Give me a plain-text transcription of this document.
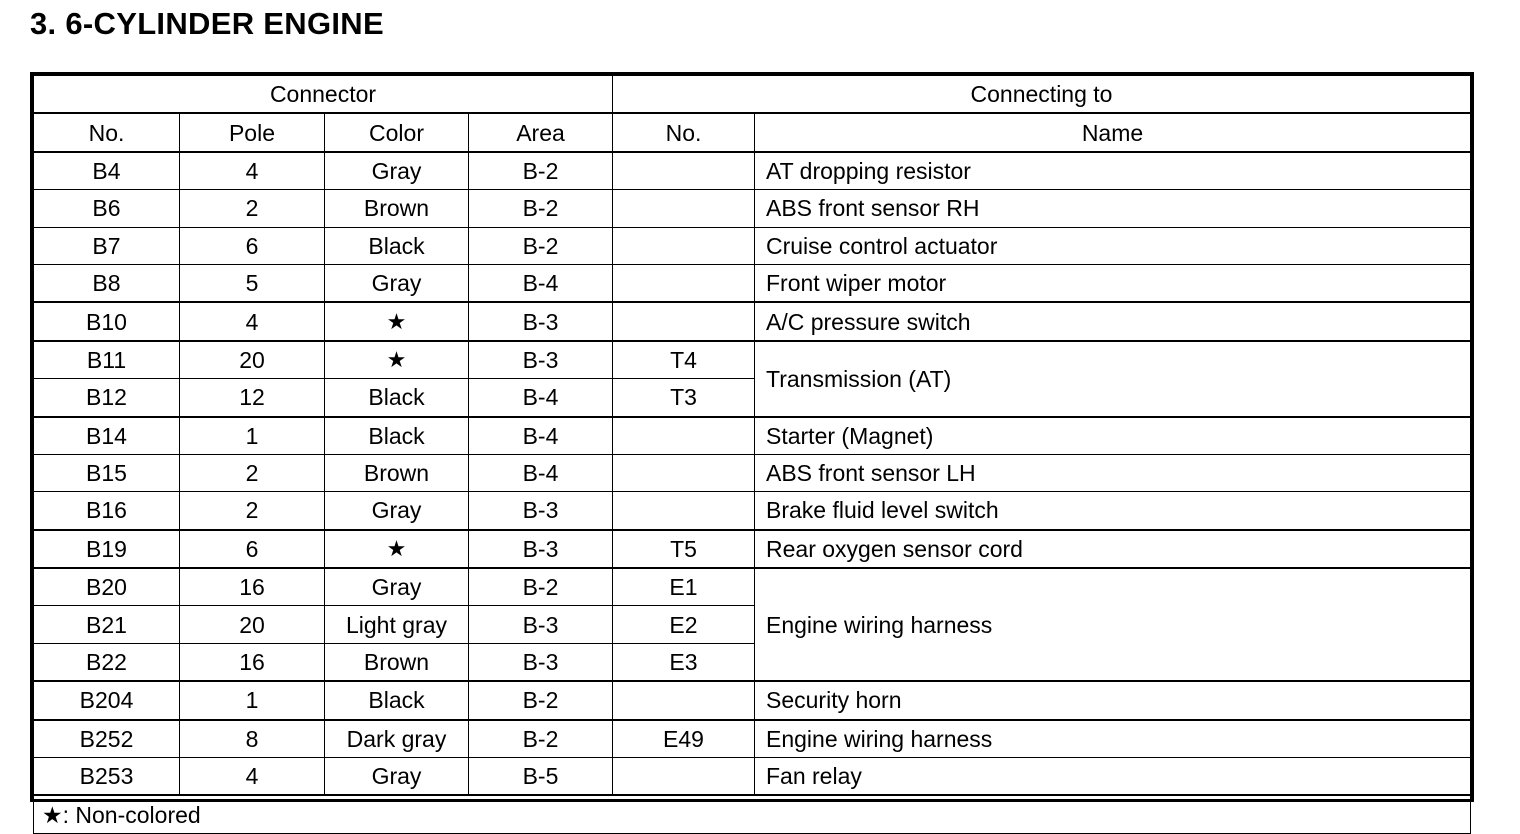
3. 6-CYLINDER ENGINE
Connector				Connecting to	
No.	Pole	Color	Area	No.	Name
B4	4	Gray	B-2		AT dropping resistor
B6	2	Brown	B-2		ABS front sensor RH
B7	6	Black	B-2		Cruise control actuator
B8	5	Gray	B-4		Front wiper motor
B10	4	★	B-3		A/C pressure switch
B11	20	★	B-3	T4	Transmission (AT)
B12	12	Black	B-4	T3	
B14	1	Black	B-4		Starter (Magnet)
B15	2	Brown	B-4		ABS front sensor LH
B16	2	Gray	B-3		Brake fluid level switch
B19	6	★	B-3	T5	Rear oxygen sensor cord
B20	16	Gray	B-2	E1	Engine wiring harness
B21	20	Light gray	B-3	E2	
B22	16	Brown	B-3	E3	
B204	1	Black	B-2		Security horn
B252	8	Dark gray	B-2	E49	Engine wiring harness
B253	4	Gray	B-5		Fan relay
★: Non-colored					
